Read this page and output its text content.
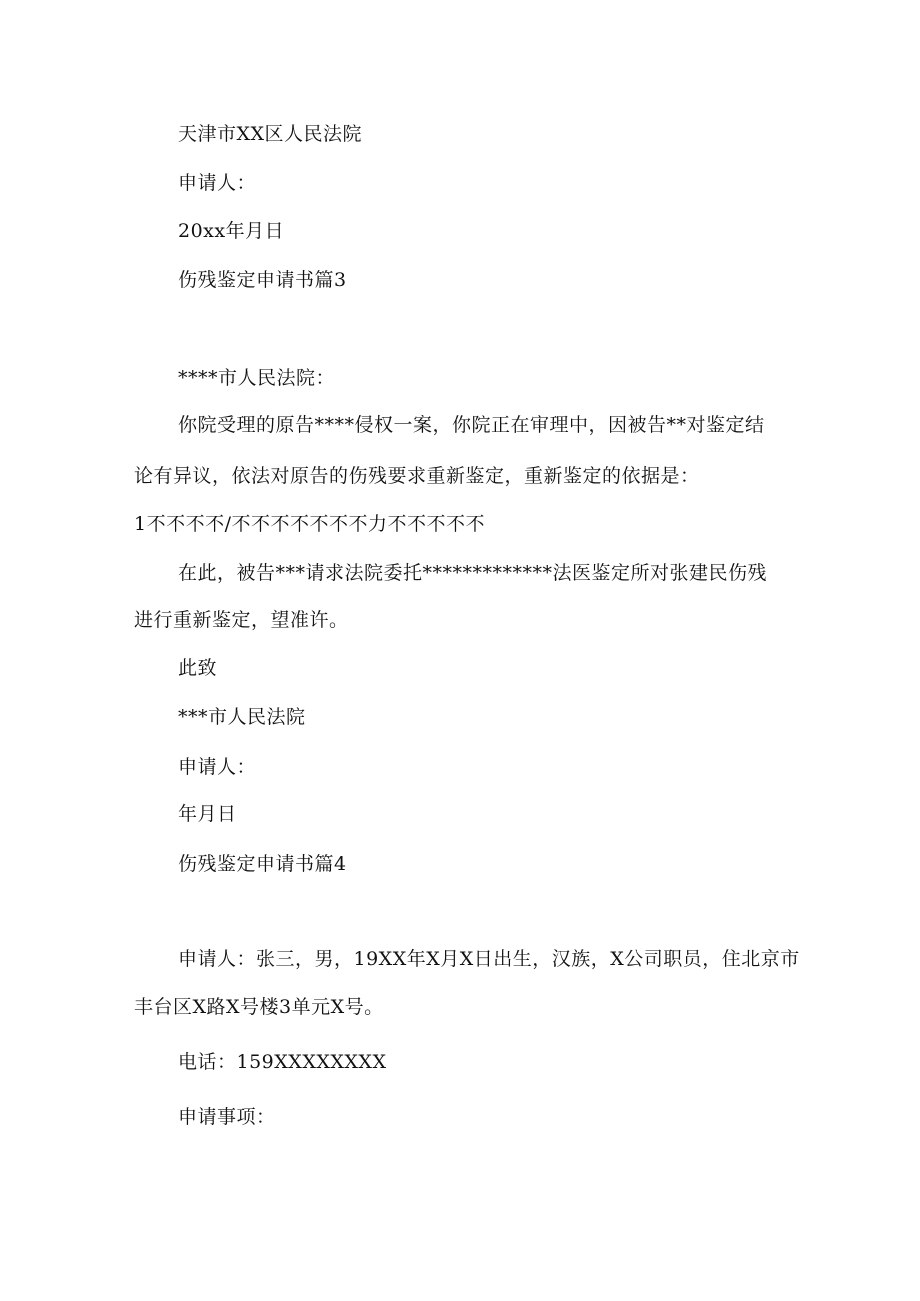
天津市XX区人民法院
申请人：
20xx年月日
伤残鉴定申请书篇3
****市人民法院：
你院受理的原告****侵权一案，你院正在审理中，因被告**对鉴定结
论有异议，依法对原告的伤残要求重新鉴定，重新鉴定的依据是：
1不不不不/不不不不不不不力不不不不不
在此，被告***请求法院委托*************法医鉴定所对张建民伤残
进行重新鉴定，望准许。
此致
***市人民法院
申请人：
年月日
伤残鉴定申请书篇4
申请人：张三，男，19XX年X月X日出生，汉族，X公司职员，住北京市
丰台区X路X号楼3单元X号。
电话：159XXXXXXXX
申请事项：
